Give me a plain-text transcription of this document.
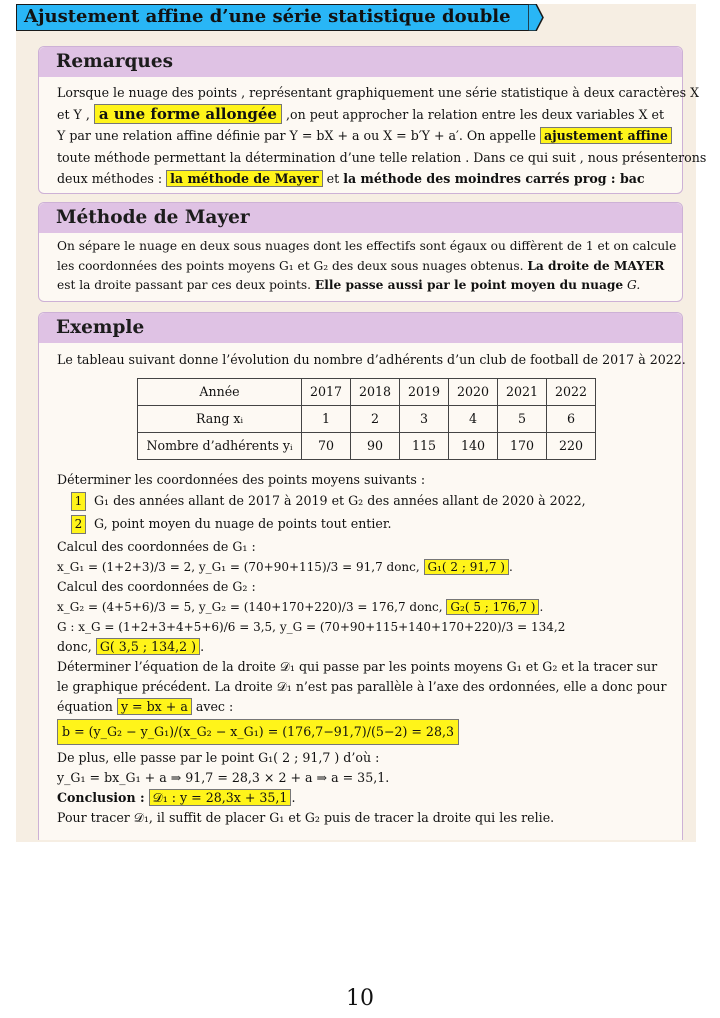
Ajustement affine d’une série statistique double
Remarques
Lorsque le nuage des points , représentant graphiquement une série statistique à deux caractères X
et Y , a une forme allongée ,on peut approcher la relation entre les deux variables X et
Y par une relation affine définie par Y = bX + a ou X = b′Y + a′. On appelle ajustement affine
toute méthode permettant la détermination d’une telle relation . Dans ce qui suit , nous présenterons
deux méthodes : la méthode de Mayer et la méthode des moindres carrés prog : bac
Méthode de Mayer
On sépare le nuage en deux sous nuages dont les effectifs sont égaux ou diffèrent de 1 et on calcule
les coordonnées des points moyens G₁ et G₂ des deux sous nuages obtenus. La droite de MAYER
est la droite passant par ces deux points. Elle passe aussi par le point moyen du nuage G.
Exemple
Le tableau suivant donne l’évolution du nombre d’adhérents d’un club de football de 2017 à 2022.
Année	2017	2018	2019	2020	2021	2022
Rang xᵢ	1	2	3	4	5	6
Nombre d’adhérents yᵢ	70	90	115	140	170	220
Déterminer les coordonnées des points moyens suivants :
1 G₁ des années allant de 2017 à 2019 et G₂ des années allant de 2020 à 2022,
2 G, point moyen du nuage de points tout entier.
Calcul des coordonnées de G₁ :
x_G₁ = (1+2+3)/3 = 2, y_G₁ = (70+90+115)/3 = 91,7 donc, G₁( 2 ; 91,7 ) .
Calcul des coordonnées de G₂ :
x_G₂ = (4+5+6)/3 = 5, y_G₂ = (140+170+220)/3 = 176,7 donc, G₂( 5 ; 176,7 ) .
G : x_G = (1+2+3+4+5+6)/6 = 3,5, y_G = (70+90+115+140+170+220)/3 = 134,2
donc, G( 3,5 ; 134,2 ) .
Déterminer l’équation de la droite 𝒟₁ qui passe par les points moyens G₁ et G₂ et la tracer sur
le graphique précédent. La droite 𝒟₁ n’est pas parallèle à l’axe des ordonnées, elle a donc pour
équation y = bx + a avec :
b = (y_G₂ − y_G₁)/(x_G₂ − x_G₁) = (176,7−91,7)/(5−2) = 28,3
De plus, elle passe par le point G₁( 2 ; 91,7 ) d’où :
y_G₁ = bx_G₁ + a ⇒ 91,7 = 28,3 × 2 + a ⇒ a = 35,1.
Conclusion : 𝒟₁ : y = 28,3x + 35,1 .
Pour tracer 𝒟₁, il suffit de placer G₁ et G₂ puis de tracer la droite qui les relie.
10
